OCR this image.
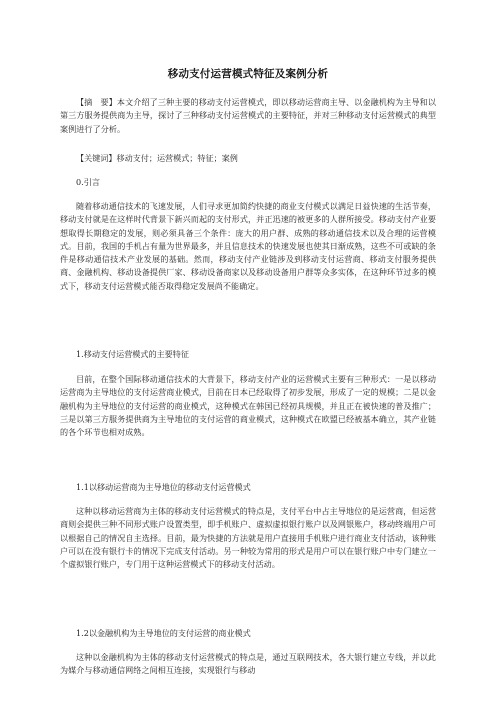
移动支付运营模式特征及案例分析

【摘　要】本文介绍了三种主要的移动支付运营模式，即以移动运营商主导、以金融机构为主导和以第三方服务提供商为主导，探讨了三种移动支付运营模式的主要特征，并对三种移动支付运营模式的典型案例进行了分析。

【关键词】移动支付；运营模式；特征；案例

0.引言

随着移动通信技术的飞速发展，人们寻求更加简约快捷的商业支付模式以满足日益快速的生活节奏，移动支付就是在这样时代背景下新兴而起的支付形式，并正迅速的被更多的人群所接受。移动支付产业要想取得长期稳定的发展，则必须具备三个条件：庞大的用户群、成熟的移动通信技术以及合理的运营模式。目前，我国的手机占有量为世界最多，并且信息技术的快速发展也使其日渐成熟，这些不可或缺的条件是移动通信技术产业发展的基础。然而，移动支付产业链涉及到移动支付运营商、移动支付服务提供商、金融机构、移动设备提供厂家、移动设备商家以及移动设备用户群等众多实体，在这种环节过多的模式下，移动支付运营模式能否取得稳定发展尚不能确定。

1.移动支付运营模式的主要特征

目前，在整个国际移动通信技术的大背景下，移动支付产业的运营模式主要有三种形式：一是以移动运营商为主导地位的支付运营商业模式，目前在日本已经取得了初步发展，形成了一定的规模；二是以金融机构为主导地位的支付运营的商业模式，这种模式在韩国已经初具规模，并且正在被快速的普及推广；三是以第三方服务提供商为主导地位的支付运营的商业模式，这种模式在欧盟已经被基本确立，其产业链的各个环节也相对成熟。

1.1以移动运营商为主导地位的移动支付运营模式

这种以移动运营商为主体的移动支付运营模式的特点是，支付平台中占主导地位的是运营商，但运营商则会提供三种不同形式账户设置类型，即手机账户、虚拟虚拟银行账户以及网银账户，移动终端用户可以根据自己的情况自主选择。目前，最为快捷的方法就是用户直接用手机账户进行商业支付活动，该种账户可以在没有银行卡的情况下完成支付活动。另一种较为常用的形式是用户可以在银行账户中专门建立一个虚拟银行账户，专门用于这种运营模式下的移动支付活动。

1.2以金融机构为主导地位的支付运营的商业模式

这种以金融机构为主体的移动支付运营模式的特点是，通过互联网技术，各大银行建立专线，并以此为媒介与移动通信网络之间相互连接，实现银行与移动
